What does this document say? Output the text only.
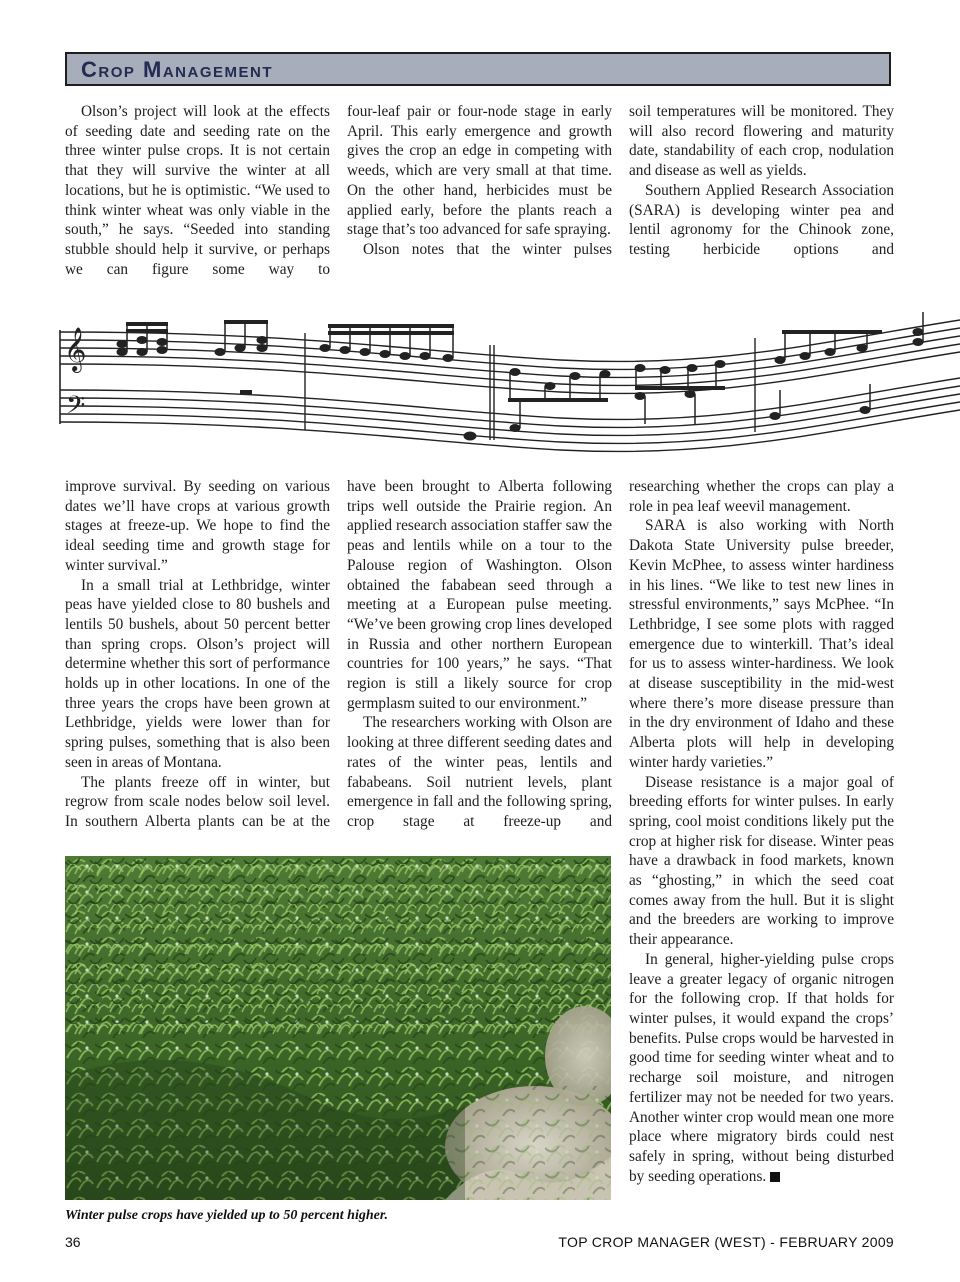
Crop Management

Olson’s project will look at the effects of seeding date and seeding rate on the three winter pulse crops. It is not certain that they will survive the winter at all locations, but he is optimistic. “We used to think winter wheat was only viable in the south,” he says. “Seeded into standing stubble should help it survive, or perhaps we can figure some way to

four-leaf pair or four-node stage in early April. This early emergence and growth gives the crop an edge in competing with weeds, which are very small at that time. On the other hand, herbicides must be applied early, before the plants reach a stage that’s too advanced for safe spraying.

Olson notes that the winter pulses

soil temperatures will be monitored. They will also record flowering and maturity date, standability of each crop, nodulation and disease as well as yields.

Southern Applied Research Association (SARA) is developing winter pea and lentil agronomy for the Chinook zone, testing herbicide options and

𝄞
𝄢

improve survival. By seeding on various dates we’ll have crops at various growth stages at freeze-up. We hope to find the ideal seeding time and growth stage for winter survival.”

In a small trial at Lethbridge, winter peas have yielded close to 80 bushels and lentils 50 bushels, about 50 percent better than spring crops. Olson’s project will determine whether this sort of performance holds up in other locations. In one of the three years the crops have been grown at Lethbridge, yields were lower than for spring pulses, something that is also been seen in areas of Montana.

The plants freeze off in winter, but regrow from scale nodes below soil level. In southern Alberta plants can be at the

have been brought to Alberta following trips well outside the Prairie region. An applied research association staffer saw the peas and lentils while on a tour to the Palouse region of Washington. Olson obtained the fababean seed through a meeting at a European pulse meeting. “We’ve been growing crop lines developed in Russia and other northern European countries for 100 years,” he says. “That region is still a likely source for crop germplasm suited to our environment.”

The researchers working with Olson are looking at three different seeding dates and rates of the winter peas, lentils and fababeans. Soil nutrient levels, plant emergence in fall and the following spring, crop stage at freeze-up and

researching whether the crops can play a role in pea leaf weevil management.

SARA is also working with North Dakota State University pulse breeder, Kevin McPhee, to assess winter hardiness in his lines. “We like to test new lines in stressful environments,” says McPhee. “In Lethbridge, I see some plots with ragged emergence due to winterkill. That’s ideal for us to assess winter-hardiness. We look at disease susceptibility in the mid-west where there’s more disease pressure than in the dry environment of Idaho and these Alberta plots will help in developing winter hardy varieties.”

Disease resistance is a major goal of breeding efforts for winter pulses. In early spring, cool moist conditions likely put the crop at higher risk for disease. Winter peas have a drawback in food markets, known as “ghosting,” in which the seed coat comes away from the hull. But it is slight and the breeders are working to improve their appearance.

In general, higher-yielding pulse crops leave a greater legacy of organic nitrogen for the following crop. If that holds for winter pulses, it would expand the crops’ benefits. Pulse crops would be harvested in good time for seeding winter wheat and to recharge soil moisture, and nitrogen fertilizer may not be needed for two years. Another winter crop would mean one more place where migratory birds could nest safely in spring, without being disturbed by seeding operations.

Winter pulse crops have yielded up to 50 percent higher.
36	TOP CROP MANAGER (WEST) - FEBRUARY 2009
